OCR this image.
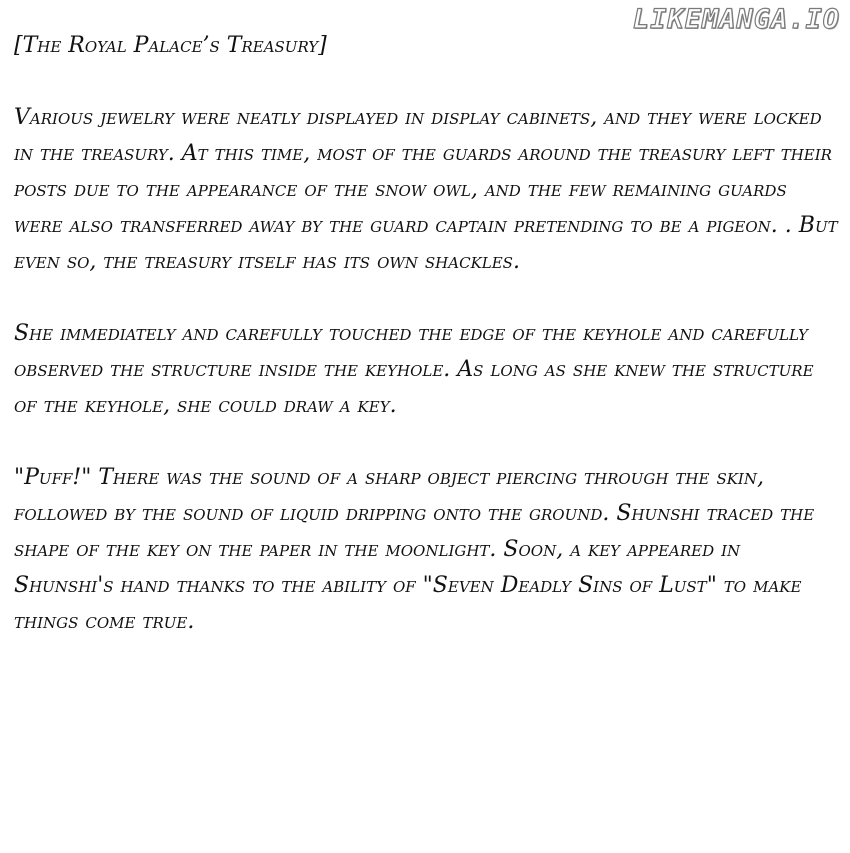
LIKEMANGA.IO
[The Royal Palace’s Treasury]

Various jewelry were neatly displayed in display cabinets, and they were locked in the treasury. At this time, most of the guards around the treasury left their posts due to the appearance of the snow owl, and the few remaining guards were also transferred away by the guard captain pretending to be a pigeon. . But even so, the treasury itself has its own shackles.

She immediately and carefully touched the edge of the keyhole and carefully observed the structure inside the keyhole. As long as she knew the structure of the keyhole, she could draw a key.

"Puff!" There was the sound of a sharp object piercing through the skin, followed by the sound of liquid dripping onto the ground. Shunshi traced the shape of the key on the paper in the moonlight. Soon, a key appeared in Shunshi's hand thanks to the ability of "Seven Deadly Sins of Lust" to make things come true.
